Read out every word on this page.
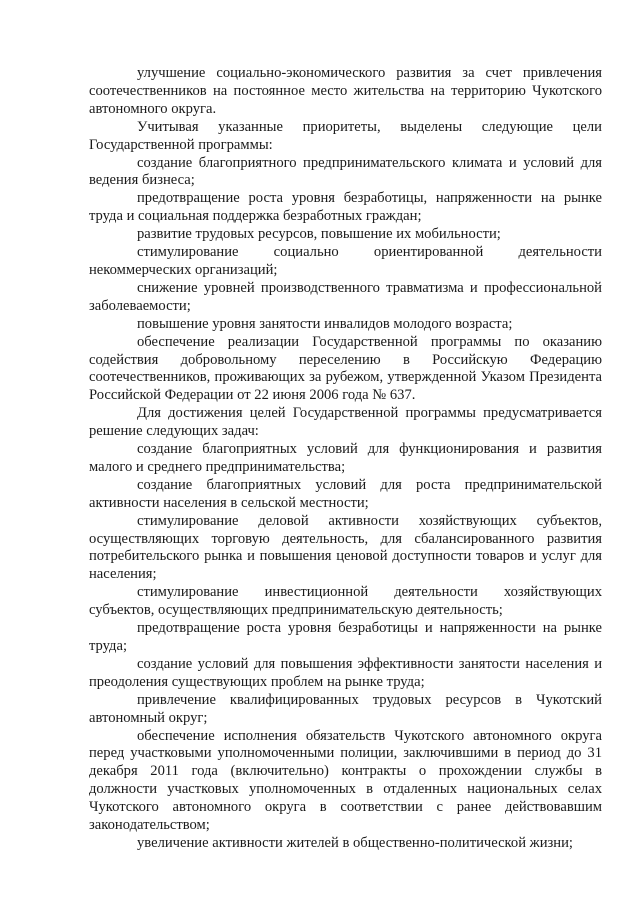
улучшение социально-экономического развития за счет привлечения соотечественников на постоянное место жительства на территорию Чукотского автономного округа.

Учитывая указанные приоритеты, выделены следующие цели Государственной программы:

создание благоприятного предпринимательского климата и условий для ведения бизнеса;

предотвращение роста уровня безработицы, напряженности на рынке труда и социальная поддержка безработных граждан;

развитие трудовых ресурсов, повышение их мобильности;

стимулирование социально ориентированной деятельности некоммерческих организаций;

снижение уровней производственного травматизма и профессиональной заболеваемости;

повышение уровня занятости инвалидов молодого возраста;

обеспечение реализации Государственной программы по оказанию содействия добровольному переселению в Российскую Федерацию соотечественников, проживающих за рубежом, утвержденной Указом Президента Российской Федерации от 22 июня 2006 года № 637.

Для достижения целей Государственной программы предусматривается решение следующих задач:

создание благоприятных условий для функционирования и развития малого и среднего предпринимательства;

создание благоприятных условий для роста предпринимательской активности населения в сельской местности;

стимулирование деловой активности хозяйствующих субъектов, осуществляющих торговую деятельность, для сбалансированного развития потребительского рынка и повышения ценовой доступности товаров и услуг для населения;

стимулирование инвестиционной деятельности хозяйствующих субъектов, осуществляющих предпринимательскую деятельность;

предотвращение роста уровня безработицы и напряженности на рынке труда;

создание условий для повышения эффективности занятости населения и преодоления существующих проблем на рынке труда;

привлечение квалифицированных трудовых ресурсов в Чукотский автономный округ;

обеспечение исполнения обязательств Чукотского автономного округа перед участковыми уполномоченными полиции, заключившими в период до 31 декабря 2011 года (включительно) контракты о прохождении службы в должности участковых уполномоченных в отдаленных национальных селах Чукотского автономного округа в соответствии с ранее действовавшим законодательством;

увеличение активности жителей в общественно-политической жизни;
